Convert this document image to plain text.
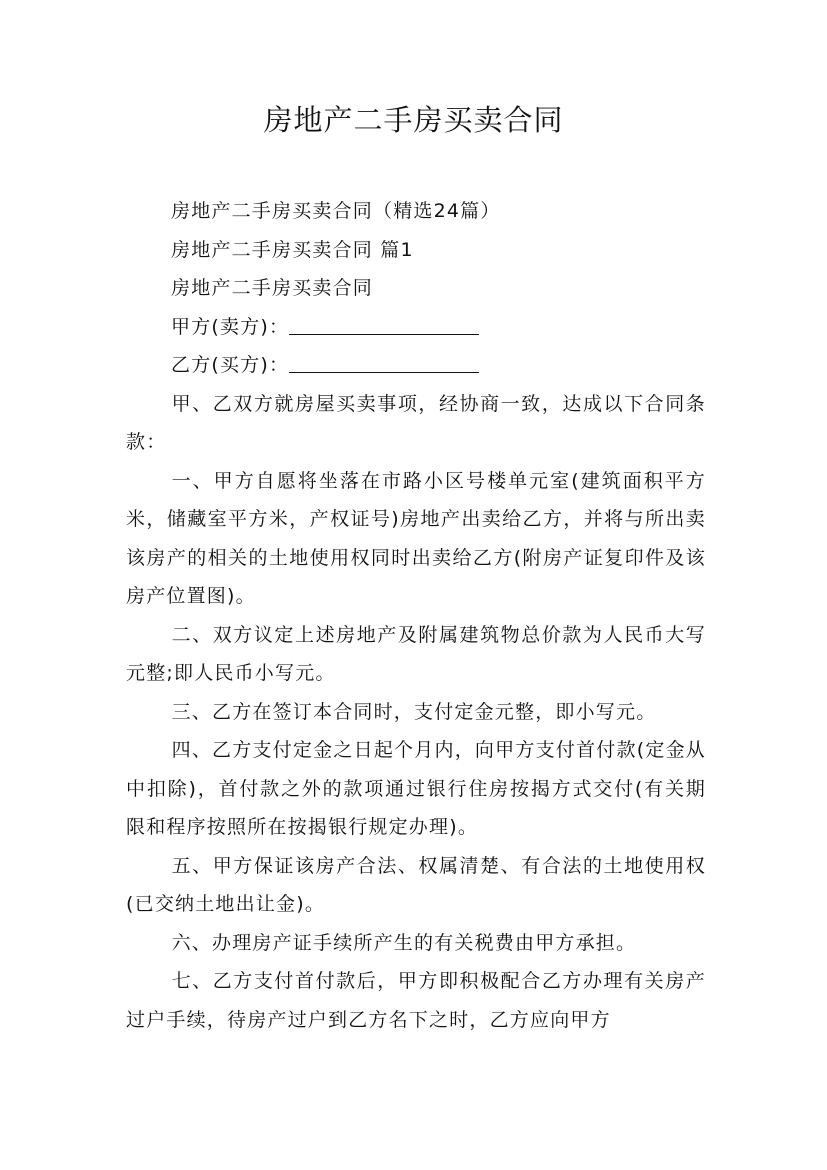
房地产二手房买卖合同

房地产二手房买卖合同（精选24篇）

房地产二手房买卖合同 篇1

房地产二手房买卖合同

甲方(卖方)：

乙方(买方)：

甲、乙双方就房屋买卖事项，经协商一致，达成以下合同条款：

一、甲方自愿将坐落在市路小区号楼单元室(建筑面积平方米，储藏室平方米，产权证号)房地产出卖给乙方，并将与所出卖该房产的相关的土地使用权同时出卖给乙方(附房产证复印件及该房产位置图)。

二、双方议定上述房地产及附属建筑物总价款为人民币大写元整;即人民币小写元。

三、乙方在签订本合同时，支付定金元整，即小写元。

四、乙方支付定金之日起个月内，向甲方支付首付款(定金从中扣除)，首付款之外的款项通过银行住房按揭方式交付(有关期限和程序按照所在按揭银行规定办理)。

五、甲方保证该房产合法、权属清楚、有合法的土地使用权(已交纳土地出让金)。

六、办理房产证手续所产生的有关税费由甲方承担。

七、乙方支付首付款后，甲方即积极配合乙方办理有关房产过户手续，待房产过户到乙方名下之时，乙方应向甲方
